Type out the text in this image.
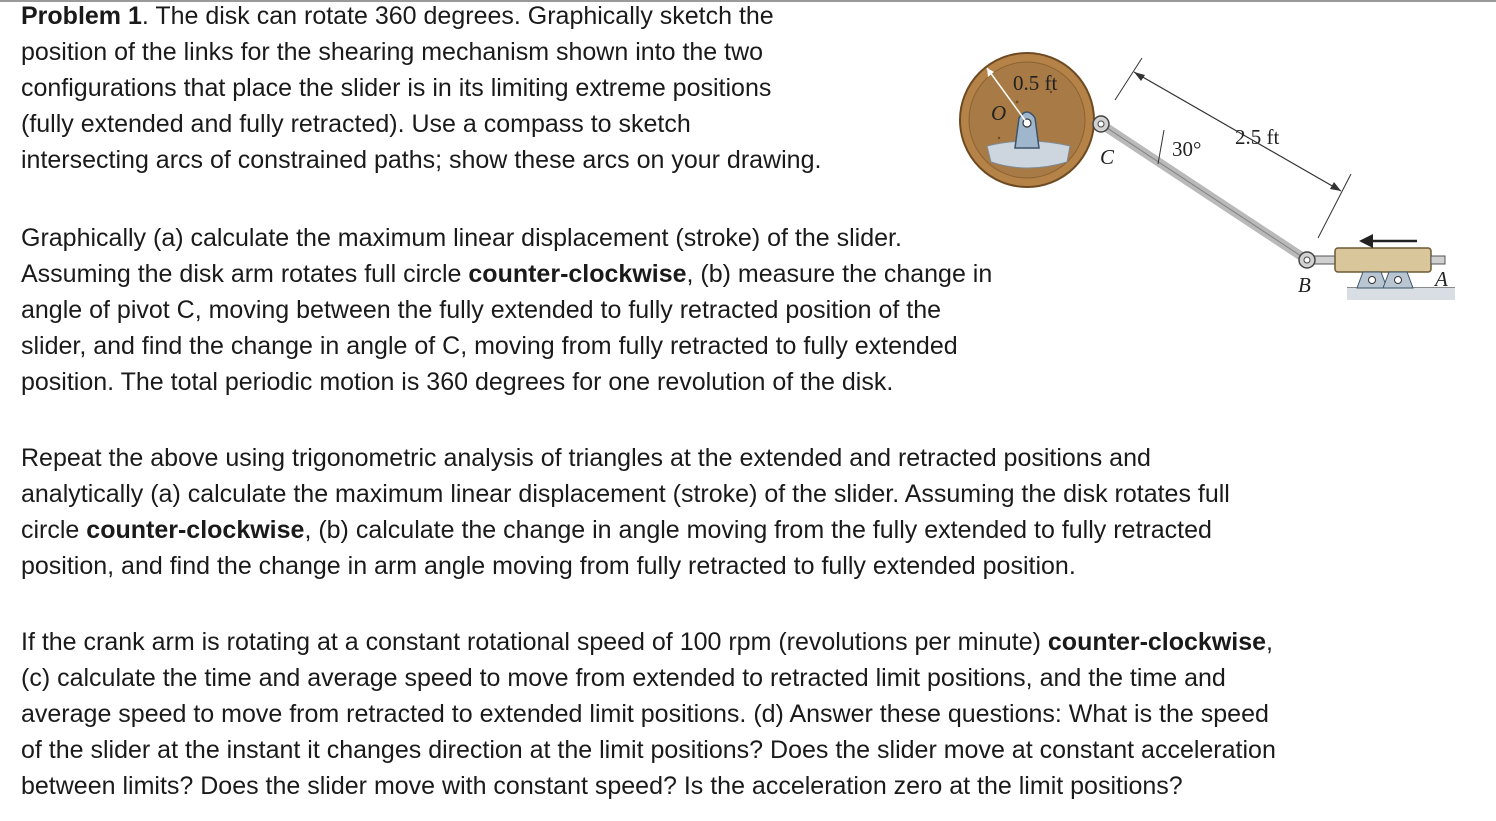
Problem 1. The disk can rotate 360 degrees. Graphically sketch the
position of the links for the shearing mechanism shown into the two
configurations that place the slider is in its limiting extreme positions
(fully extended and fully retracted). Use a compass to sketch
intersecting arcs of constrained paths; show these arcs on your drawing.

Graphically (a) calculate the maximum linear displacement (stroke) of the slider.
Assuming the disk arm rotates full circle counter-clockwise, (b) measure the change in
angle of pivot C, moving between the fully extended to fully retracted position of the
slider, and find the change in angle of C, moving from fully retracted to fully extended
position. The total periodic motion is 360 degrees for one revolution of the disk.

Repeat the above using trigonometric analysis of triangles at the extended and retracted positions and
analytically (a) calculate the maximum linear displacement (stroke) of the slider. Assuming the disk rotates full
circle counter-clockwise, (b) calculate the change in angle moving from the fully extended to fully retracted
position, and find the change in arm angle moving from fully retracted to fully extended position.

If the crank arm is rotating at a constant rotational speed of 100 rpm (revolutions per minute) counter-clockwise,
(c) calculate the time and average speed to move from extended to retracted limit positions, and the time and
average speed to move from retracted to extended limit positions. (d) Answer these questions: What is the speed
of the slider at the instant it changes direction at the limit positions? Does the slider move at constant acceleration
between limits? Does the slider move with constant speed? Is the acceleration zero at the limit positions?

0.5 ft
O
C	30° 2.5 ft
B	A
